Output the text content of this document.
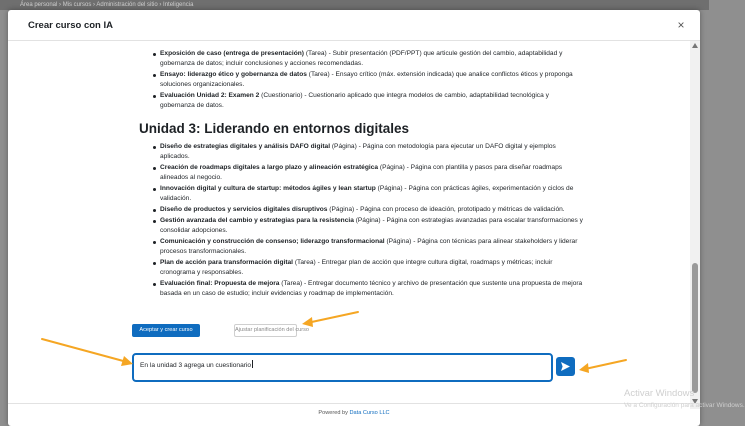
Área personal › Mis cursos › Administración del sitio › Inteligencia
Crear curso con IA	×
Exposición de caso (entrega de presentación) (Tarea) - Subir presentación (PDF/PPT) que articule gestión del cambio, adaptabilidad y gobernanza de datos; incluir conclusiones y acciones recomendadas.
Ensayo: liderazgo ético y gobernanza de datos (Tarea) - Ensayo crítico (máx. extensión indicada) que analice conflictos éticos y proponga soluciones organizacionales.
Evaluación Unidad 2: Examen 2 (Cuestionario) - Cuestionario aplicado que integra modelos de cambio, adaptabilidad tecnológica y gobernanza de datos.
Unidad 3: Liderando en entornos digitales
Diseño de estrategias digitales y análisis DAFO digital (Página) - Página con metodología para ejecutar un DAFO digital y ejemplos aplicados.
Creación de roadmaps digitales a largo plazo y alineación estratégica (Página) - Página con plantilla y pasos para diseñar roadmaps alineados al negocio.
Innovación digital y cultura de startup: métodos ágiles y lean startup (Página) - Página con prácticas ágiles, experimentación y ciclos de validación.
Diseño de productos y servicios digitales disruptivos (Página) - Página con proceso de ideación, prototipado y métricas de validación.
Gestión avanzada del cambio y estrategias para la resistencia (Página) - Página con estrategias avanzadas para escalar transformaciones y consolidar adopciones.
Comunicación y construcción de consenso; liderazgo transformacional (Página) - Página con técnicas para alinear stakeholders y liderar procesos transformacionales.
Plan de acción para transformación digital (Tarea) - Entregar plan de acción que integre cultura digital, roadmaps y métricas; incluir cronograma y responsables.
Evaluación final: Propuesta de mejora (Tarea) - Entregar documento técnico y archivo de presentación que sustente una propuesta de mejora basada en un caso de estudio; incluir evidencias y roadmap de implementación.
Aceptar y crear curso	Ajustar planificación del curso
En la unidad 3 agrega un cuestionario
Powered by Data Curso LLC
Activar Windows
Ve a Configuración para activar Windows.
